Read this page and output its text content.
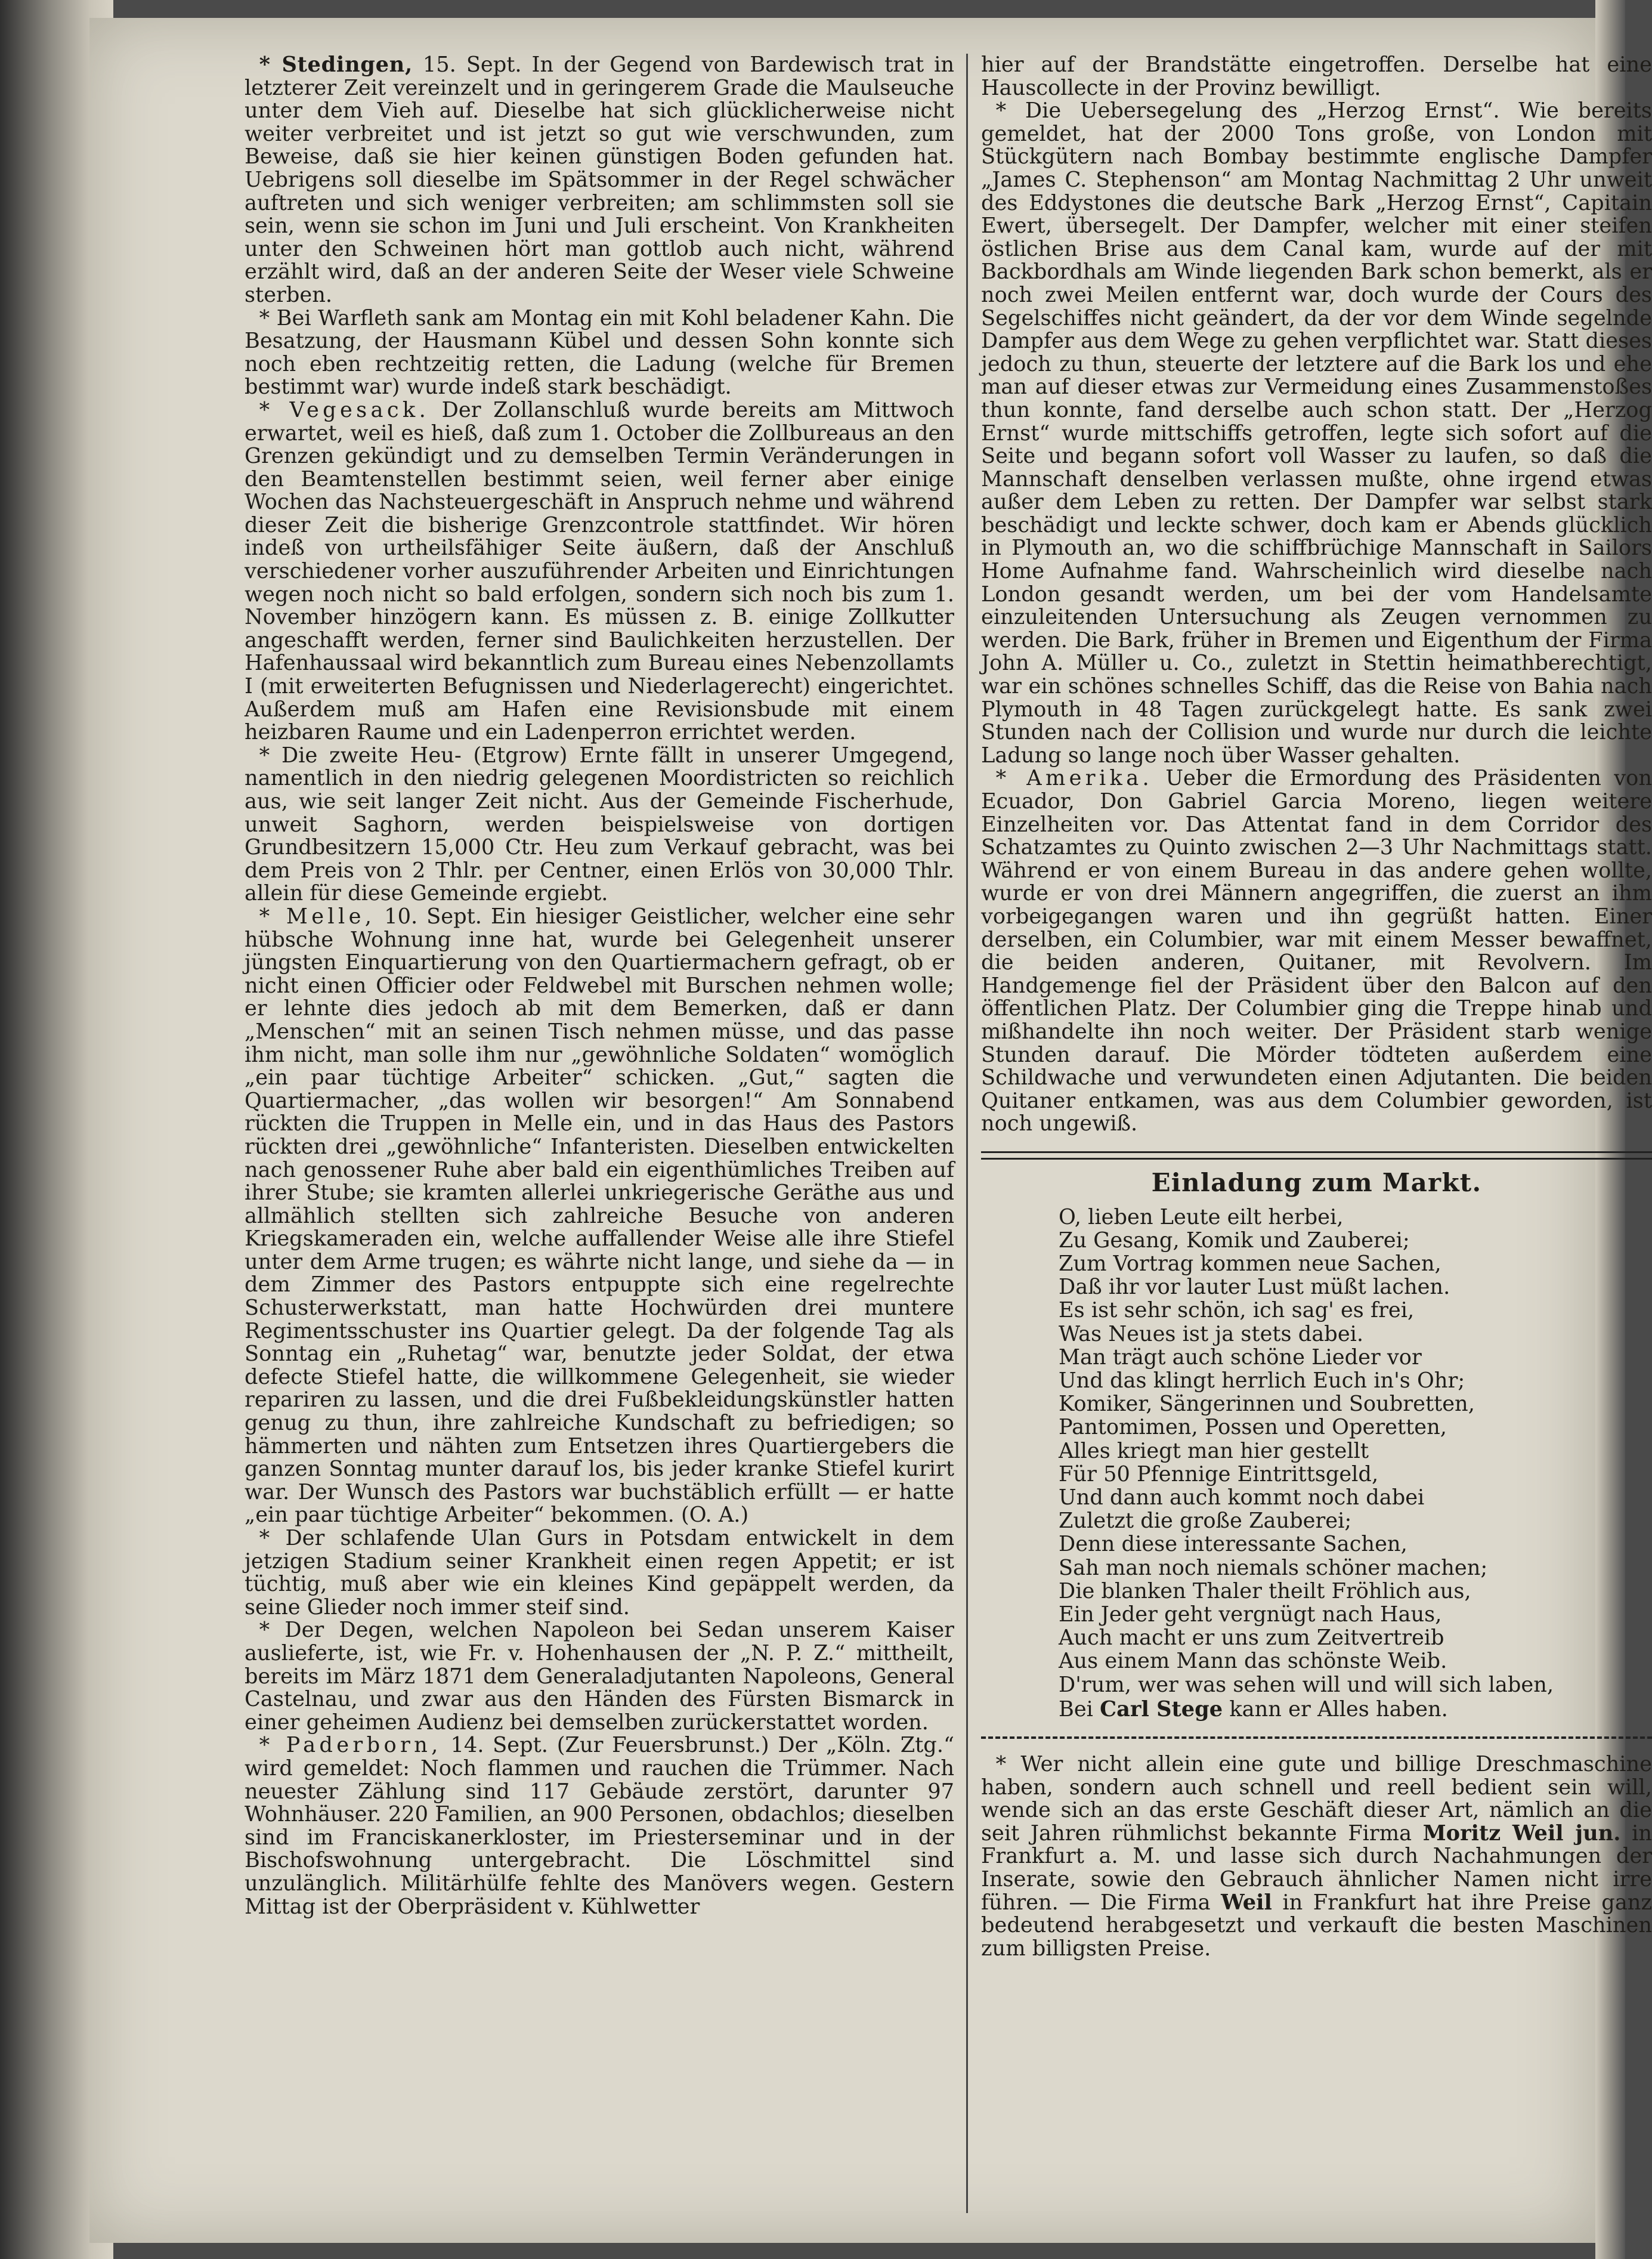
* Stedingen, 15. Sept. In der Gegend von Bardewisch trat in letzterer Zeit vereinzelt und in geringerem Grade die Maulseuche unter dem Vieh auf. Dieselbe hat sich glücklicherweise nicht weiter verbreitet und ist jetzt so gut wie verschwunden, zum Beweise, daß sie hier keinen günstigen Boden gefunden hat. Uebrigens soll dieselbe im Spätsommer in der Regel schwächer auftreten und sich weniger verbreiten; am schlimmsten soll sie sein, wenn sie schon im Juni und Juli erscheint. Von Krankheiten unter den Schweinen hört man gottlob auch nicht, während erzählt wird, daß an der anderen Seite der Weser viele Schweine sterben.

* Bei Warfleth sank am Montag ein mit Kohl beladener Kahn. Die Besatzung, der Hausmann Kübel und dessen Sohn konnte sich noch eben rechtzeitig retten, die Ladung (welche für Bremen bestimmt war) wurde indeß stark beschädigt.

* Vegesack. Der Zollanschluß wurde bereits am Mittwoch erwartet, weil es hieß, daß zum 1. October die Zollbureaus an den Grenzen gekündigt und zu demselben Termin Veränderungen in den Beamtenstellen bestimmt seien, weil ferner aber einige Wochen das Nachsteuergeschäft in Anspruch nehme und während dieser Zeit die bisherige Grenzcontrole stattfindet. Wir hören indeß von urtheilsfähiger Seite äußern, daß der Anschluß verschiedener vorher auszuführender Arbeiten und Einrichtungen wegen noch nicht so bald erfolgen, sondern sich noch bis zum 1. November hinzögern kann. Es müssen z. B. einige Zollkutter angeschafft werden, ferner sind Baulichkeiten herzustellen. Der Hafenhaussaal wird bekanntlich zum Bureau eines Nebenzollamts I (mit erweiterten Befugnissen und Niederlagerecht) eingerichtet. Außerdem muß am Hafen eine Revisionsbude mit einem heizbaren Raume und ein Ladenperron errichtet werden.

* Die zweite Heu- (Etgrow) Ernte fällt in unserer Umgegend, namentlich in den niedrig gelegenen Moordistricten so reichlich aus, wie seit langer Zeit nicht. Aus der Gemeinde Fischerhude, unweit Saghorn, werden beispielsweise von dortigen Grundbesitzern 15,000 Ctr. Heu zum Verkauf gebracht, was bei dem Preis von 2 Thlr. per Centner, einen Erlös von 30,000 Thlr. allein für diese Gemeinde ergiebt.

* Melle, 10. Sept. Ein hiesiger Geistlicher, welcher eine sehr hübsche Wohnung inne hat, wurde bei Gelegenheit unserer jüngsten Einquartierung von den Quartiermachern gefragt, ob er nicht einen Officier oder Feldwebel mit Burschen nehmen wolle; er lehnte dies jedoch ab mit dem Bemerken, daß er dann „Menschen“ mit an seinen Tisch nehmen müsse, und das passe ihm nicht, man solle ihm nur „gewöhnliche Soldaten“ womöglich „ein paar tüchtige Arbeiter“ schicken. „Gut,“ sagten die Quartiermacher, „das wollen wir besorgen!“ Am Sonnabend rückten die Truppen in Melle ein, und in das Haus des Pastors rückten drei „gewöhnliche“ Infanteristen. Dieselben entwickelten nach genossener Ruhe aber bald ein eigenthümliches Treiben auf ihrer Stube; sie kramten allerlei unkriegerische Geräthe aus und allmählich stellten sich zahlreiche Besuche von anderen Kriegskameraden ein, welche auffallender Weise alle ihre Stiefel unter dem Arme trugen; es währte nicht lange, und siehe da — in dem Zimmer des Pastors entpuppte sich eine regelrechte Schusterwerkstatt, man hatte Hochwürden drei muntere Regimentsschuster ins Quartier gelegt. Da der folgende Tag als Sonntag ein „Ruhetag“ war, benutzte jeder Soldat, der etwa defecte Stiefel hatte, die willkommene Gelegenheit, sie wieder repariren zu lassen, und die drei Fußbekleidungskünstler hatten genug zu thun, ihre zahlreiche Kundschaft zu befriedigen; so hämmerten und nähten zum Entsetzen ihres Quartiergebers die ganzen Sonntag munter darauf los, bis jeder kranke Stiefel kurirt war. Der Wunsch des Pastors war buchstäblich erfüllt — er hatte „ein paar tüchtige Arbeiter“ bekommen. (O. A.)

* Der schlafende Ulan Gurs in Potsdam entwickelt in dem jetzigen Stadium seiner Krankheit einen regen Appetit; er ist tüchtig, muß aber wie ein kleines Kind gepäppelt werden, da seine Glieder noch immer steif sind.

* Der Degen, welchen Napoleon bei Sedan unserem Kaiser auslieferte, ist, wie Fr. v. Hohenhausen der „N. P. Z.“ mittheilt, bereits im März 1871 dem Generaladjutanten Napoleons, General Castelnau, und zwar aus den Händen des Fürsten Bismarck in einer geheimen Audienz bei demselben zurückerstattet worden.

* Paderborn, 14. Sept. (Zur Feuersbrunst.) Der „Köln. Ztg.“ wird gemeldet: Noch flammen und rauchen die Trümmer. Nach neuester Zählung sind 117 Gebäude zerstört, darunter 97 Wohnhäuser. 220 Familien, an 900 Personen, obdachlos; dieselben sind im Franciskanerkloster, im Priesterseminar und in der Bischofswohnung untergebracht. Die Löschmittel sind unzulänglich. Militärhülfe fehlte des Manövers wegen. Gestern Mittag ist der Oberpräsident v. Kühlwetter

hier auf der Brandstätte eingetroffen. Derselbe hat eine Hauscollecte in der Provinz bewilligt.

* Die Uebersegelung des „Herzog Ernst“. Wie bereits gemeldet, hat der 2000 Tons große, von London mit Stückgütern nach Bombay bestimmte englische Dampfer „James C. Stephenson“ am Montag Nachmittag 2 Uhr unweit des Eddystones die deutsche Bark „Herzog Ernst“, Capitain Ewert, übersegelt. Der Dampfer, welcher mit einer steifen östlichen Brise aus dem Canal kam, wurde auf der mit Backbordhals am Winde liegenden Bark schon bemerkt, als er noch zwei Meilen entfernt war, doch wurde der Cours des Segelschiffes nicht geändert, da der vor dem Winde segelnde Dampfer aus dem Wege zu gehen verpflichtet war. Statt dieses jedoch zu thun, steuerte der letztere auf die Bark los und ehe man auf dieser etwas zur Vermeidung eines Zusammenstoßes thun konnte, fand derselbe auch schon statt. Der „Herzog Ernst“ wurde mittschiffs getroffen, legte sich sofort auf die Seite und begann sofort voll Wasser zu laufen, so daß die Mannschaft denselben verlassen mußte, ohne irgend etwas außer dem Leben zu retten. Der Dampfer war selbst stark beschädigt und leckte schwer, doch kam er Abends glücklich in Plymouth an, wo die schiffbrüchige Mannschaft in Sailors Home Aufnahme fand. Wahrscheinlich wird dieselbe nach London gesandt werden, um bei der vom Handelsamte einzuleitenden Untersuchung als Zeugen vernommen zu werden. Die Bark, früher in Bremen und Eigenthum der Firma John A. Müller u. Co., zuletzt in Stettin heimathberechtigt, war ein schönes schnelles Schiff, das die Reise von Bahia nach Plymouth in 48 Tagen zurückgelegt hatte. Es sank zwei Stunden nach der Collision und wurde nur durch die leichte Ladung so lange noch über Wasser gehalten.

* Amerika. Ueber die Ermordung des Präsidenten von Ecuador, Don Gabriel Garcia Moreno, liegen weitere Einzelheiten vor. Das Attentat fand in dem Corridor des Schatzamtes zu Quinto zwischen 2—3 Uhr Nachmittags statt. Während er von einem Bureau in das andere gehen wollte, wurde er von drei Männern angegriffen, die zuerst an ihm vorbeigegangen waren und ihn gegrüßt hatten. Einer derselben, ein Columbier, war mit einem Messer bewaffnet, die beiden anderen, Quitaner, mit Revolvern. Im Handgemenge fiel der Präsident über den Balcon auf den öffentlichen Platz. Der Columbier ging die Treppe hinab und mißhandelte ihn noch weiter. Der Präsident starb wenige Stunden darauf. Die Mörder tödteten außerdem eine Schildwache und verwundeten einen Adjutanten. Die beiden Quitaner entkamen, was aus dem Columbier geworden, ist noch ungewiß.

Einladung zum Markt.
O, lieben Leute eilt herbei,
Zu Gesang, Komik und Zauberei;
Zum Vortrag kommen neue Sachen,
Daß ihr vor lauter Lust müßt lachen.
Es ist sehr schön, ich sag' es frei,
Was Neues ist ja stets dabei.
Man trägt auch schöne Lieder vor
Und das klingt herrlich Euch in's Ohr;
Komiker, Sängerinnen und Soubretten,
Pantomimen, Possen und Operetten,
Alles kriegt man hier gestellt
Für 50 Pfennige Eintrittsgeld,
Und dann auch kommt noch dabei
Zuletzt die große Zauberei;
Denn diese interessante Sachen,
Sah man noch niemals schöner machen;
Die blanken Thaler theilt Fröhlich aus,
Ein Jeder geht vergnügt nach Haus,
Auch macht er uns zum Zeitvertreib
Aus einem Mann das schönste Weib.
D'rum, wer was sehen will und will sich laben,
Bei Carl Stege kann er Alles haben.

* Wer nicht allein eine gute und billige Dreschmaschine haben, sondern auch schnell und reell bedient sein will, wende sich an das erste Geschäft dieser Art, nämlich an die seit Jahren rühmlichst bekannte Firma Moritz Weil jun. in Frankfurt a. M. und lasse sich durch Nachahmungen der Inserate, sowie den Gebrauch ähnlicher Namen nicht irre führen. — Die Firma Weil in Frankfurt hat ihre Preise ganz bedeutend herabgesetzt und verkauft die besten Maschinen zum billigsten Preise.
